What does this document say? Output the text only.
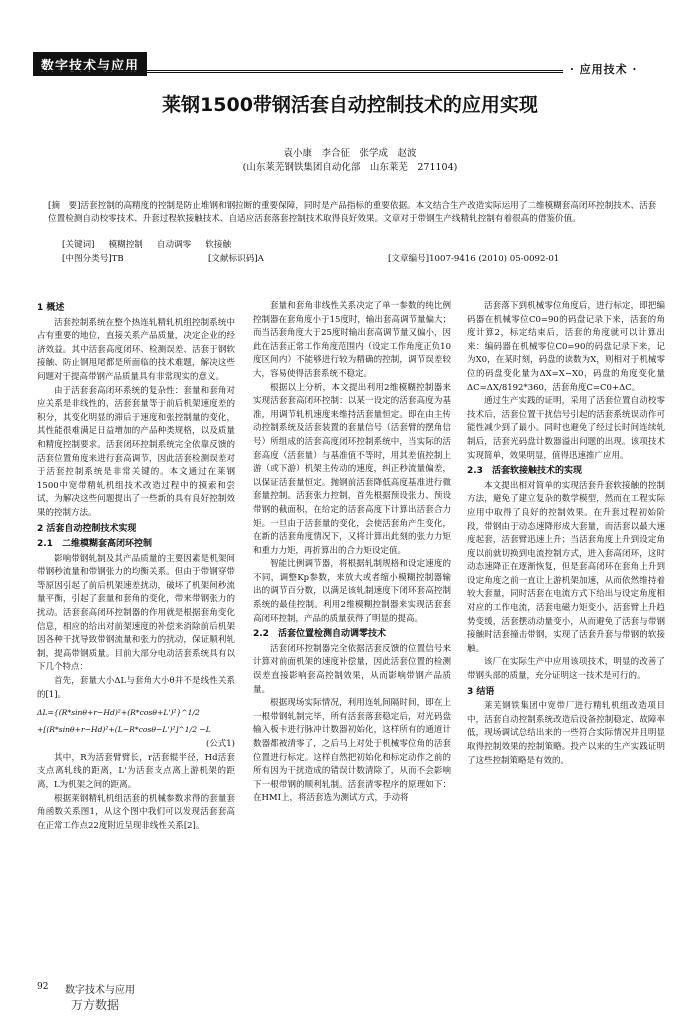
数字技术与应用	· 应用技术 ·
莱钢1500带钢活套自动控制技术的应用实现
袁小康　李合征　张学成　赵波
(山东莱芜钢铁集团自动化部　山东莱芜　271104)
[摘　要]活套控制的高精度的控制是防止堆钢和钢拉断的重要保障，同时是产品指标的重要依据。本文结合生产改造实际运用了二维模糊套高闭环控制技术、活套位置检测自动校零技术、升套过程软接触技术、自适应活套落套控制技术取得良好效果。文章对于带钢生产线精轧控制有着很高的借鉴价值。
[关键词] 模糊控制 自动调零 软接触
[中图分类号]TB	[文献标识码]A	[文章编号]1007-9416 (2010) 05-0092-01
1 概述

活套控制系统在整个热连轧精轧机组控制系统中占有重要的地位，直接关系产品质量，决定企业的经济效益。其中活套高度闭环、检测误差、活套于钢软接触、防止钢甩尾都是所面临的技术难题，解决这些问题对于提高带钢产品质量具有非常现实的意义。

由于活套套高闭环系统的复杂性：套量和套角对应关系是非线性的，活套套量等于前后机架速度差的积分，其变化明显的滞后于速度和张控制量的变化，其性能很难满足日益增加的产品种类规格，以及质量和精度控制要求。活套闭环控制系统完全依靠反馈的活套位置角度来进行套高调节，因此活套检测误差对于活套控制系统是非常关键的。本文通过在莱钢1500中宽带精轧机组技术改造过程中的摸索和尝试，为解决这些问题提出了一些新的具有良好控制效果的控制方法。

2 活套自动控制技术实现
2.1　二维模糊套高闭环控制

影响带钢轧制及其产品质量的主要因素是机架间带钢秒流量和带钢张力的均衡关系。但由于带钢穿带等原因引起了前后机架速差扰动，破坏了机架间秒流量平衡，引起了套量和套角的变化，带来带钢张力的扰动。活套套高闭环控制器的作用就是根据套角变化信息，相应的给出对前架速度的补偿来消除前后机架因各种干扰导致带钢流量和张力的扰动，保证顺利轧制，提高带钢质量。目前大部分电动活套系统具有以下几个特点：

首先，套量大小ΔL与套角大小θ并不是线性关系的[1]。

ΔL={(R*sinθ+r−Hd)²+(R*cosθ+L')²}^1/2
+[(R*sinθ+r−Hd)²+(L−R*cosθ−L')²]^1/2 −L
(公式1)

其中，R为活套臂臂长，r活套辊半径，Hd活套支点离轧线的距离，L'为活套支点离上游机架的距离，L为机架之间的距离。

根据莱钢精轧机组活套的机械参数求得的套量套角函数关系图1，从这个图中我们可以发现活套套高在正常工作点22度附近呈现非线性关系[2]。

套量和套角非线性关系决定了单一参数的纯比例控制器在套角度小于15度时，输出套高调节量偏大；而当活套角度大于25度时输出套高调节量又偏小，因此在活套正常工作角度范围内（设定工作角度正负10度区间内）不能够进行较为精确的控制，调节误差较大，容易使得活套系统不稳定。

根据以上分析，本文提出利用2维模糊控制器来实现活套套高闭环控制：以某一设定的活套高度为基准，用调节轧机速度来维持活套量恒定。即在由主传动控制系统及活套装置的套量信号（活套臂的摆角信号）所组成的活套高度闭环控制系统中，当实际的活套高度（活套量）与基准值不等时，用其差值控制上游（或下游）机架主传动的速度，纠正秒流量偏差，以保证活套量恒定。抛钢前活套降低高度基准进行微套量控制。活套张力控制，首先根据预设张力、预设带钢的截面积，在给定的活套高度下计算出活套合力矩。一旦由于活套量的变化，会使活套角产生变化，在新的活套角度情况下，又将计算出此刻的张力力矩和重力力矩，再折算出的合力矩设定值。

智能比例调节器，将根据轧制规格和设定速度的不同，调整Kp参数，来放大或者缩小模糊控制器输出的调节百分数，以满足该轧制速度下闭环套高控制系统的最佳控制。利用2维模糊控制器来实现活套套高闭环控制，产品的质量获得了明显的提高。

2.2　活套位置检测自动调零技术

活套闭环控制器完全依据活套反馈的位置信号来计算对前面机架的速度补偿量，因此活套位置的检测误差直接影响套高控制效果，从而影响带钢产品质量。

根据现场实际情况，利用连轧间隔时间，即在上一根带钢轧制完毕，所有活套落套稳定后，对光码盘输入板卡进行脉冲计数器初始化，这样所有的通道计数器都被清零了，之后马上对处于机械零位角的活套位置进行标定。这样自然把初始化和标定动作之前的所有因为干扰造成的错误计数清除了，从而不会影响下一根带钢的顺利轧制。活套清零程序的原理如下：在HMI上，将活套选为测试方式，手动将

活套落下到机械零位角度后，进行标定，即把编码器在机械零位C0=90的码盘记录下来，活套的角度计算2，标定结束后，活套的角度就可以计算出来：编码器在机械零位C0=90的码盘记录下来，记为X0，在某时刻，码盘的读数为X，则相对于机械零位的码盘变化量为ΔX=X−X0，码盘的角度变化量ΔC=ΔX/8192*360，活套角度C=C0+ΔC。

通过生产实践的证明，采用了活套位置自动校零技术后，活套位置干扰信号引起的活套系统误动作可能性减少到了最小。同时也避免了经过长时间连续轧制后，活套光码盘计数器溢出问题的出现。该项技术实现简单，效果明显，值得迅速推广应用。

2.3　活套软接触技术的实现

本文提出相对简单的实现活套升套软接触的控制方法，避免了建立复杂的数学模型，然而在工程实际应用中取得了良好的控制效果。在升套过程初始阶段，带钢由于动态速降形成大套量，而活套以最大速度起套，活套臂迅速上升；当活套角度上升到设定角度以前就切换到电流控制方式，进入套高闭环，这时动态速降正在逐渐恢复，但是套高闭环在套角上升到设定角度之前一直让上游机架加速，从而依然维持着较大套量，同时活套在电流方式下给出与设定角度相对应的工作电流，活套电磁力矩变小，活套臂上升趋势变缓，活套摆动动量变小，从而避免了活套与带钢接触时活套撞击带钢，实现了活套升套与带钢的软接触。

该厂在实际生产中应用该项技术，明显的改善了带钢头部的质量，充分证明这一技术是可行的。

3 结语

莱芜钢铁集团中宽带厂进行精轧机组改造项目中，活套自动控制系统改造后设备控制稳定、故障率低，现场调试总结出来的一些符合实际情况并且明显取得控制效果的控制策略。投产以来的生产实践证明了这些控制策略是有效的。

92 数字技术与应用
万方数据
